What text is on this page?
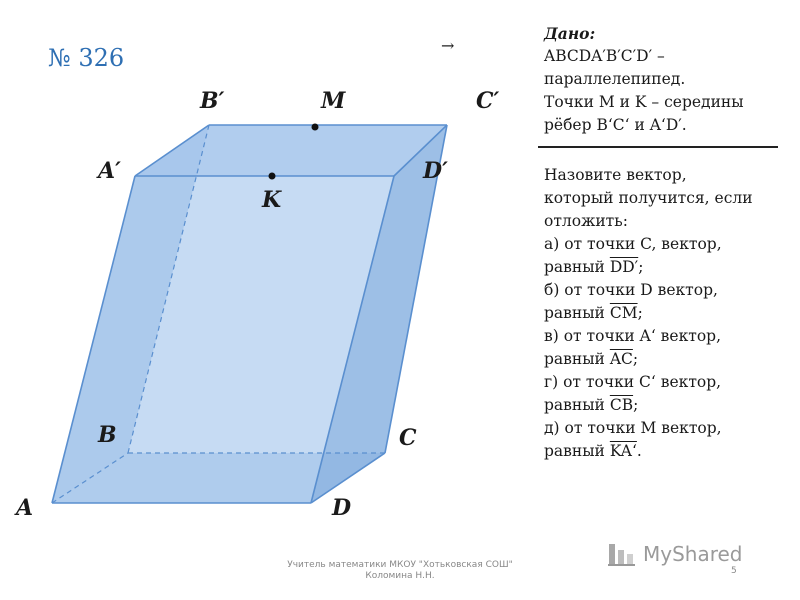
№ 326	→
B′	M	C′
A′	D′
K
B	C
A	D
Дано:
ABCDA′B′C′D′ –
параллелепипед.
Точки M и K – середины
рёбер B‘C‘ и A‘D′.
Назовите вектор,
который получится, если
отложить:
а) от точки C, вектор,
равный DD′;
б) от точки D вектор,
равный $\overline{CM}$;
в) от точки A‘ вектор,
равный $\overline{AC}$;
г) от точки C‘ вектор,
равный $\overline{CB}$;
д) от точки M вектор,
равный KA‘.
Учитель математики МКОУ "Хотьковская СОШ"
Коломина Н.Н.	5
MyShared
